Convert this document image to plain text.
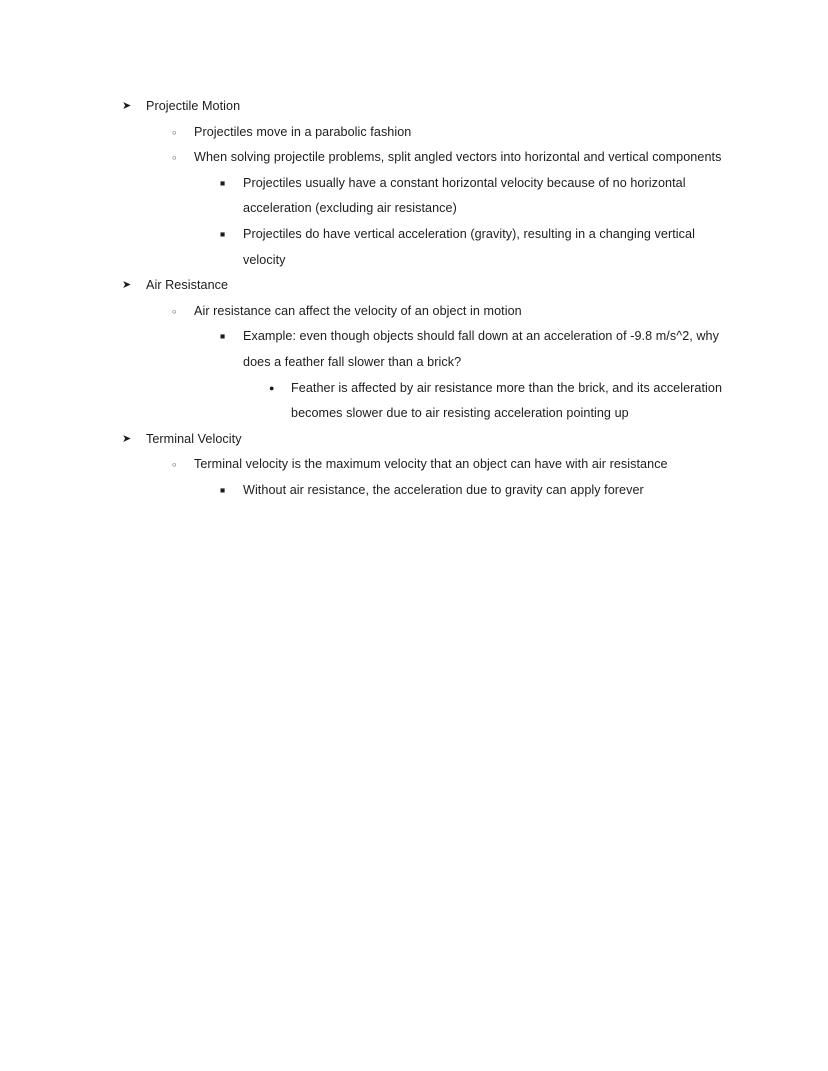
➤	Projectile Motion
○	Projectiles move in a parabolic fashion
○	When solving projectile problems, split angled vectors into horizontal and vertical components
■	Projectiles usually have a constant horizontal velocity because of no horizontal acceleration (excluding air resistance)
■	Projectiles do have vertical acceleration (gravity), resulting in a changing vertical velocity
➤	Air Resistance
○	Air resistance can affect the velocity of an object in motion
■	Example: even though objects should fall down at an acceleration of -9.8 m/s^2, why does a feather fall slower than a brick?
●	Feather is affected by air resistance more than the brick, and its acceleration becomes slower due to air resisting acceleration pointing up
➤	Terminal Velocity
○	Terminal velocity is the maximum velocity that an object can have with air resistance
■	Without air resistance, the acceleration due to gravity can apply forever
